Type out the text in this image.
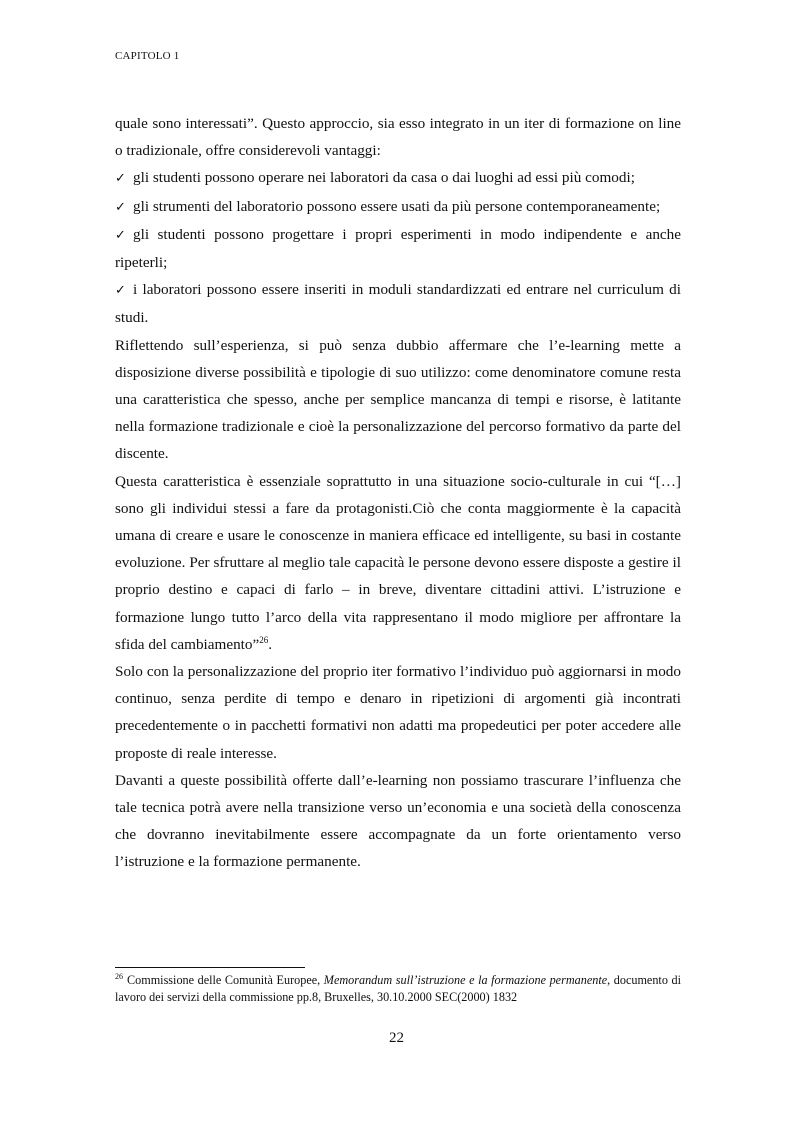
CAPITOLO 1

quale sono interessati”. Questo approccio, sia esso integrato in un iter di formazione on line o tradizionale, offre considerevoli vantaggi:

✓ gli studenti possono operare nei laboratori da casa o dai luoghi ad essi più comodi;

✓ gli strumenti del laboratorio possono essere usati da più persone contemporaneamente;

✓ gli studenti possono progettare i propri esperimenti in modo indipendente e anche ripeterli;

✓ i laboratori possono essere inseriti in moduli standardizzati ed entrare nel curriculum di studi.

Riflettendo sull’esperienza, si può senza dubbio affermare che l’e-learning mette a disposizione diverse possibilità e tipologie di suo utilizzo: come denominatore comune resta una caratteristica che spesso, anche per semplice mancanza di tempi e risorse, è latitante nella formazione tradizionale e cioè la personalizzazione del percorso formativo da parte del discente.

Questa caratteristica è essenziale soprattutto in una situazione socio-culturale in cui “[…] sono gli individui stessi a fare da protagonisti.Ciò che conta maggiormente è la capacità umana di creare e usare le conoscenze in maniera efficace ed intelligente, su basi in costante evoluzione. Per sfruttare al meglio tale capacità le persone devono essere disposte a gestire il proprio destino e capaci di farlo – in breve, diventare cittadini attivi. L’istruzione e formazione lungo tutto l’arco della vita rappresentano il modo migliore per affrontare la sfida del cambiamento”$^{26}$.

Solo con la personalizzazione del proprio iter formativo l’individuo può aggiornarsi in modo continuo, senza perdite di tempo e denaro in ripetizioni di argomenti già incontrati precedentemente o in pacchetti formativi non adatti ma propedeutici per poter accedere alle proposte di reale interesse.

Davanti a queste possibilità offerte dall’e-learning non possiamo trascurare l’influenza che tale tecnica potrà avere nella transizione verso un’economia e una società della conoscenza che dovranno inevitabilmente essere accompagnate da un forte orientamento verso l’istruzione e la formazione permanente.

$^{26}$ Commissione delle Comunità Europee, Memorandum sull’istruzione e la formazione permanente, documento di lavoro dei servizi della commissione pp.8, Bruxelles, 30.10.2000 SEC(2000) 1832
22
